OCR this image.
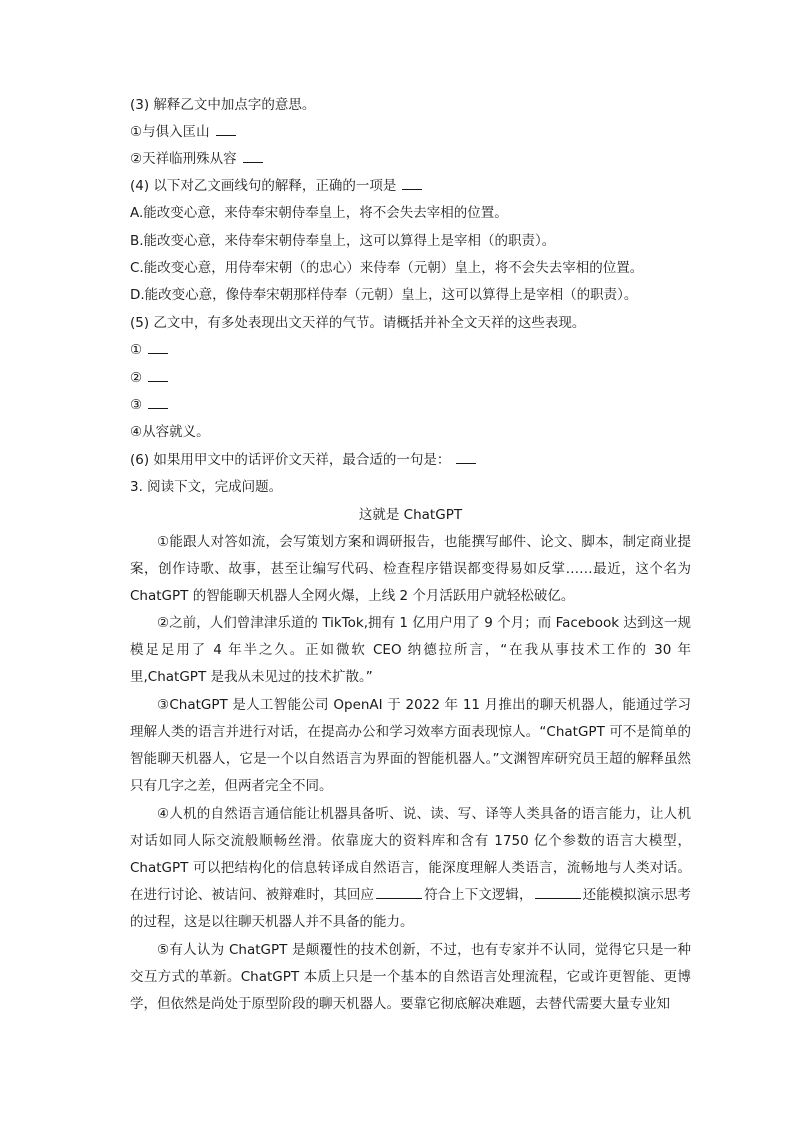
(3) 解释乙文中加点字的意思。
①与俱入匡山
②天祥临刑殊从容
(4) 以下对乙文画线句的解释，正确的一项是
A.能改变心意，来侍奉宋朝侍奉皇上，将不会失去宰相的位置。
B.能改变心意，来侍奉宋朝侍奉皇上，这可以算得上是宰相（的职责）。
C.能改变心意，用侍奉宋朝（的忠心）来侍奉（元朝）皇上，将不会失去宰相的位置。
D.能改变心意，像侍奉宋朝那样侍奉（元朝）皇上，这可以算得上是宰相（的职责）。
(5) 乙文中，有多处表现出文天祥的气节。请概括并补全文天祥的这些表现。
①
②
③
④从容就义。
(6) 如果用甲文中的话评价文天祥，最合适的一句是：
3. 阅读下文，完成问题。
这就是 ChatGPT
①能跟人对答如流，会写策划方案和调研报告，也能撰写邮件、论文、脚本，制定商业提案，创作诗歌、故事，甚至让编写代码、检查程序错误都变得易如反掌……最近，这个名为 ChatGPT 的智能聊天机器人全网火爆，上线 2 个月活跃用户就轻松破亿。
②之前，人们曾津津乐道的 TikTok,拥有 1 亿用户用了 9 个月；而 Facebook 达到这一规模足足用了 4 年半之久。正如微软 CEO 纳德拉所言，“在我从事技术工作的 30 年里,ChatGPT 是我从未见过的技术扩散。”
③ChatGPT 是人工智能公司 OpenAI 于 2022 年 11 月推出的聊天机器人，能通过学习理解人类的语言并进行对话，在提高办公和学习效率方面表现惊人。“ChatGPT 可不是简单的智能聊天机器人，它是一个以自然语言为界面的智能机器人。”文渊智库研究员王超的解释虽然只有几字之差，但两者完全不同。
④人机的自然语言通信能让机器具备听、说、读、写、译等人类具备的语言能力，让人机对话如同人际交流般顺畅丝滑。依靠庞大的资料库和含有 1750 亿个参数的语言大模型，ChatGPT 可以把结构化的信息转译成自然语言，能深度理解人类语言，流畅地与人类对话。在进行讨论、被诘问、被辩难时，其回应	符合上下文逻辑，	还能模拟演示思考的过程，这是以往聊天机器人并不具备的能力。
⑤有人认为 ChatGPT 是颠覆性的技术创新，不过，也有专家并不认同，觉得它只是一种交互方式的革新。ChatGPT 本质上只是一个基本的自然语言处理流程，它或许更智能、更博学，但依然是尚处于原型阶段的聊天机器人。要靠它彻底解决难题，去替代需要大量专业知
